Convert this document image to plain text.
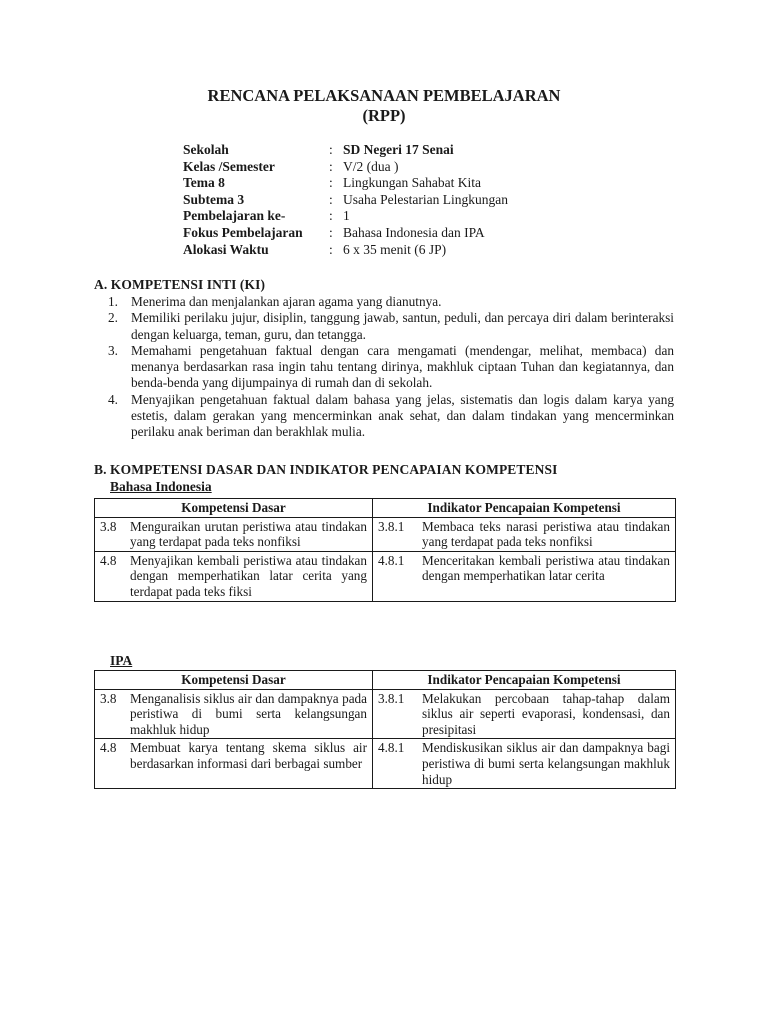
RENCANA PELAKSANAAN PEMBELAJARAN
(RPP)
Sekolah	: SD Negeri 17 Senai
Kelas /Semester	: V/2 (dua )
Tema 8	: Lingkungan Sahabat Kita
Subtema 3	: Usaha Pelestarian Lingkungan
Pembelajaran ke-	: 1
Fokus Pembelajaran	: Bahasa Indonesia dan IPA
Alokasi Waktu	: 6 x 35 menit (6 JP)
A. KOMPETENSI INTI (KI)
1. Menerima dan menjalankan ajaran agama yang dianutnya.
2. Memiliki perilaku jujur, disiplin, tanggung jawab, santun, peduli, dan percaya diri dalam berinteraksi dengan keluarga, teman, guru, dan tetangga.
3. Memahami pengetahuan faktual dengan cara mengamati (mendengar, melihat, membaca) dan menanya berdasarkan rasa ingin tahu tentang dirinya, makhluk ciptaan Tuhan dan kegiatannya, dan benda-benda yang dijumpainya di rumah dan di sekolah.
4. Menyajikan pengetahuan faktual dalam bahasa yang jelas, sistematis dan logis dalam karya yang estetis, dalam gerakan yang mencerminkan anak sehat, dan dalam tindakan yang mencerminkan perilaku anak beriman dan berakhlak mulia.
B. KOMPETENSI DASAR DAN INDIKATOR PENCAPAIAN KOMPETENSI
Bahasa Indonesia
Kompetensi Dasar	Indikator Pencapaian Kompetensi

3.8 Menguraikan urutan peristiwa atau tindakan yang terdapat pada teks nonfiksi	3.8.1 Membaca teks narasi peristiwa atau tindakan yang terdapat pada teks nonfiksi

4.8 Menyajikan kembali peristiwa atau tindakan dengan memperhatikan latar cerita yang terdapat pada teks fiksi	4.8.1 Menceritakan kembali peristiwa atau tindakan dengan memperhatikan latar cerita
IPA
Kompetensi Dasar	Indikator Pencapaian Kompetensi

3.8 Menganalisis siklus air dan dampaknya pada peristiwa di bumi serta kelangsungan makhluk hidup	3.8.1 Melakukan percobaan tahap-tahap dalam siklus air seperti evaporasi, kondensasi, dan presipitasi

4.8 Membuat karya tentang skema siklus air berdasarkan informasi dari berbagai sumber	4.8.1 Mendiskusikan siklus air dan dampaknya bagi peristiwa di bumi serta kelangsungan makhluk hidup
